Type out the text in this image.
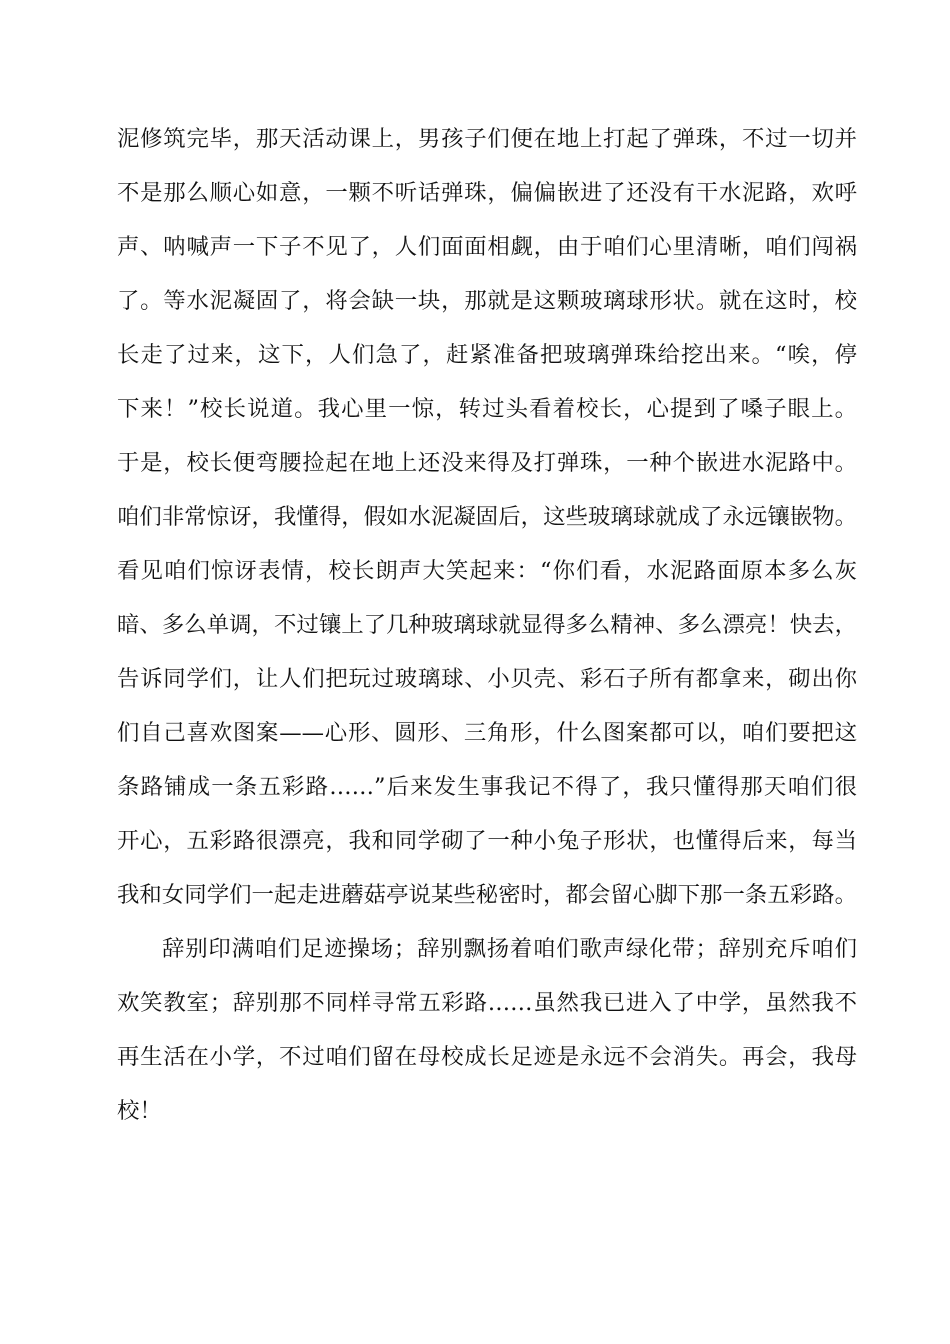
泥修筑完毕，那天活动课上，男孩子们便在地上打起了弹珠，不过一切并
不是那么顺心如意，一颗不听话弹珠，偏偏嵌进了还没有干水泥路，欢呼
声、呐喊声一下子不见了，人们面面相觑，由于咱们心里清晰，咱们闯祸
了。等水泥凝固了，将会缺一块，那就是这颗玻璃球形状。就在这时，校
长走了过来，这下，人们急了，赶紧准备把玻璃弹珠给挖出来。“唉，停
下来！”校长说道。我心里一惊，转过头看着校长，心提到了嗓子眼上。
于是，校长便弯腰捡起在地上还没来得及打弹珠，一种个嵌进水泥路中。
咱们非常惊讶，我懂得，假如水泥凝固后，这些玻璃球就成了永远镶嵌物。
看见咱们惊讶表情，校长朗声大笑起来：“你们看，水泥路面原本多么灰
暗、多么单调，不过镶上了几种玻璃球就显得多么精神、多么漂亮！快去，
告诉同学们，让人们把玩过玻璃球、小贝壳、彩石子所有都拿来，砌出你
们自己喜欢图案——心形、圆形、三角形，什么图案都可以，咱们要把这
条路铺成一条五彩路……”后来发生事我记不得了，我只懂得那天咱们很
开心，五彩路很漂亮，我和同学砌了一种小兔子形状，也懂得后来，每当
我和女同学们一起走进蘑菇亭说某些秘密时，都会留心脚下那一条五彩路。
辞别印满咱们足迹操场；辞别飘扬着咱们歌声绿化带；辞别充斥咱们
欢笑教室；辞别那不同样寻常五彩路……虽然我已进入了中学，虽然我不
再生活在小学，不过咱们留在母校成长足迹是永远不会消失。再会，我母
校！
